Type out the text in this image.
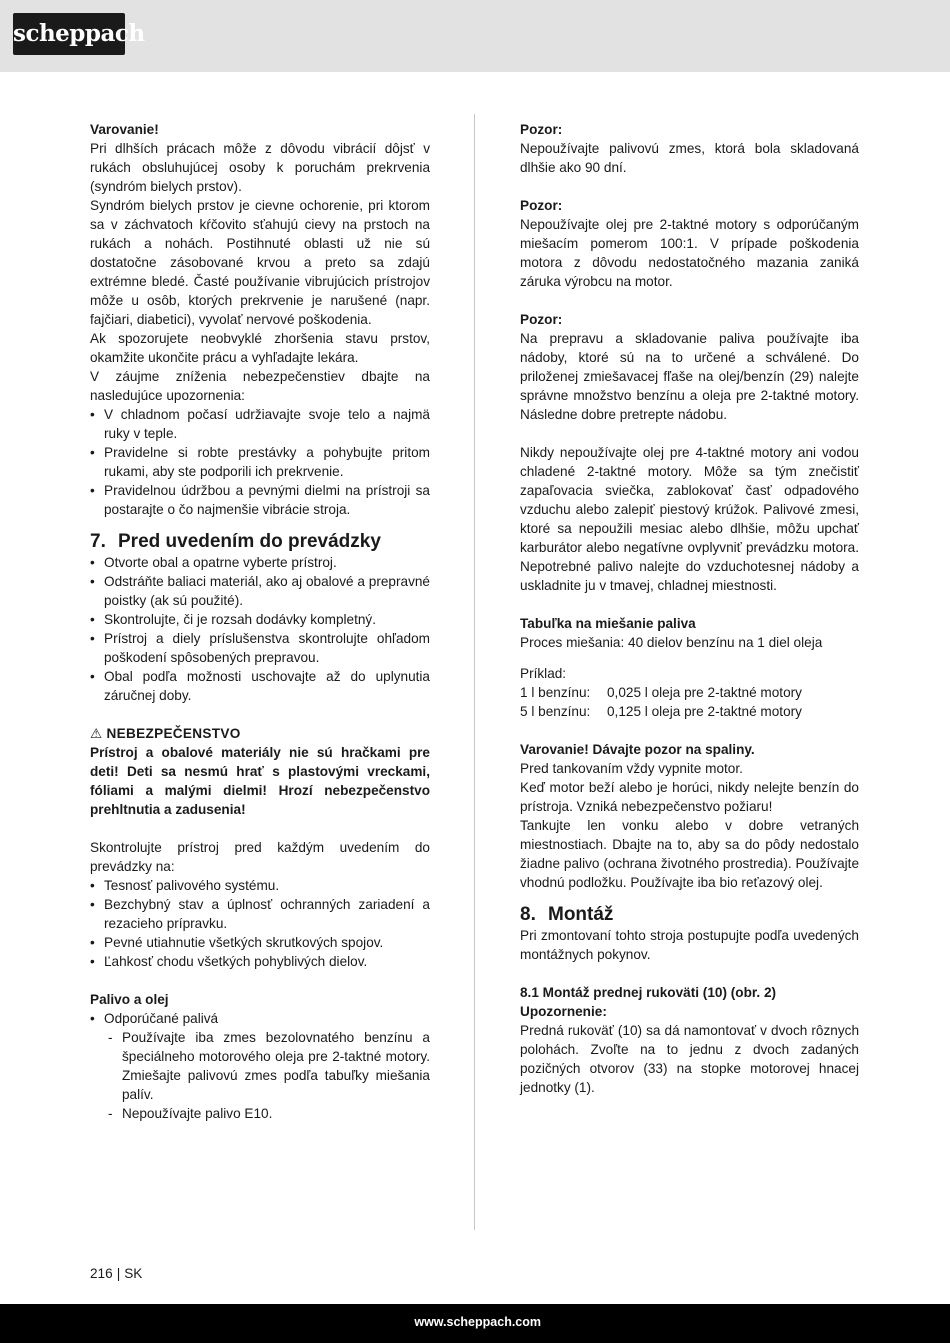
scheppach

Varovanie!

Pri dlhších prácach môže z dôvodu vibrácií dôjsť v rukách obsluhujúcej osoby k poruchám prekrvenia (syndróm bielych prstov).

Syndróm bielych prstov je cievne ochorenie, pri ktorom sa v záchvatoch kŕčovito sťahujú cievy na prstoch na rukách a nohách. Postihnuté oblasti už nie sú dostatočne zásobované krvou a preto sa zdajú extrémne bledé. Časté používanie vibrujúcich prístrojov môže u osôb, ktorých prekrvenie je narušené (napr. fajčiari, diabetici), vyvolať nervové poškodenia.

Ak spozorujete neobvyklé zhoršenia stavu prstov, okamžite ukončite prácu a vyhľadajte lekára.

V záujme zníženia nebezpečenstiev dbajte na nasledujúce upozornenia:

• V chladnom počasí udržiavajte svoje telo a najmä ruky v teple.
• Pravidelne si robte prestávky a pohybujte pritom rukami, aby ste podporili ich prekrvenie.
• Pravidelnou údržbou a pevnými dielmi na prístroji sa postarajte o čo najmenšie vibrácie stroja.
7. Pred uvedením do prevádzky
• Otvorte obal a opatrne vyberte prístroj.
• Odstráňte baliaci materiál, ako aj obalové a prepravné poistky (ak sú použité).
• Skontrolujte, či je rozsah dodávky kompletný.
• Prístroj a diely príslušenstva skontrolujte ohľadom poškodení spôsobených prepravou.
• Obal podľa možnosti uschovajte až do uplynutia záručnej doby.

⚠ NEBEZPEČENSTVO

Prístroj a obalové materiály nie sú hračkami pre deti! Deti sa nesmú hrať s plastovými vreckami, fóliami a malými dielmi! Hrozí nebezpečenstvo prehltnutia a zadusenia!

Skontrolujte prístroj pred každým uvedením do prevádzky na:

• Tesnosť palivového systému.
• Bezchybný stav a úplnosť ochranných zariadení a rezacieho prípravku.
• Pevné utiahnutie všetkých skrutkových spojov.
• Ľahkosť chodu všetkých pohyblivých dielov.

Palivo a olej

• Odporúčané palivá
- Používajte iba zmes bezolovnatého benzínu a špeciálneho motorového oleja pre 2-taktné motory. Zmiešajte palivovú zmes podľa tabuľky miešania palív.
- Nepoužívajte palivo E10.

Pozor:

Nepoužívajte palivovú zmes, ktorá bola skladovaná dlhšie ako 90 dní.

Pozor:

Nepoužívajte olej pre 2-taktné motory s odporúčaným miešacím pomerom 100:1. V prípade poškodenia motora z dôvodu nedostatočného mazania zaniká záruka výrobcu na motor.

Pozor:

Na prepravu a skladovanie paliva používajte iba nádoby, ktoré sú na to určené a schválené. Do priloženej zmiešavacej fľaše na olej/benzín (29) nalejte správne množstvo benzínu a oleja pre 2-taktné motory. Následne dobre pretrepte nádobu.

Nikdy nepoužívajte olej pre 4-taktné motory ani vodou chladené 2-taktné motory. Môže sa tým znečistiť zapaľovacia sviečka, zablokovať časť odpadového vzduchu alebo zalepiť piestový krúžok. Palivové zmesi, ktoré sa nepoužili mesiac alebo dlhšie, môžu upchať karburátor alebo negatívne ovplyvniť prevádzku motora. Nepotrebné palivo nalejte do vzduchotesnej nádoby a uskladnite ju v tmavej, chladnej miestnosti.

Tabuľka na miešanie paliva

Proces miešania: 40 dielov benzínu na 1 diel oleja

Príklad:

1 l benzínu:	0,025 l oleja pre 2-taktné motory
5 l benzínu:	0,125 l oleja pre 2-taktné motory

Varovanie! Dávajte pozor na spaliny.

Pred tankovaním vždy vypnite motor.

Keď motor beží alebo je horúci, nikdy nelejte benzín do prístroja. Vzniká nebezpečenstvo požiaru!

Tankujte len vonku alebo v dobre vetraných miestnostiach. Dbajte na to, aby sa do pôdy nedostalo žiadne palivo (ochrana životného prostredia). Používajte vhodnú podložku. Používajte iba bio reťazový olej.

8. Montáž

Pri zmontovaní tohto stroja postupujte podľa uvedených montážnych pokynov.

8.1 Montáž prednej rukoväti (10) (obr. 2)

Upozornenie:

Predná rukoväť (10) sa dá namontovať v dvoch rôznych polohách. Zvoľte na to jednu z dvoch zadaných pozičných otvorov (33) na stopke motorovej hnacej jednotky (1).

216 | SK
www.scheppach.com
